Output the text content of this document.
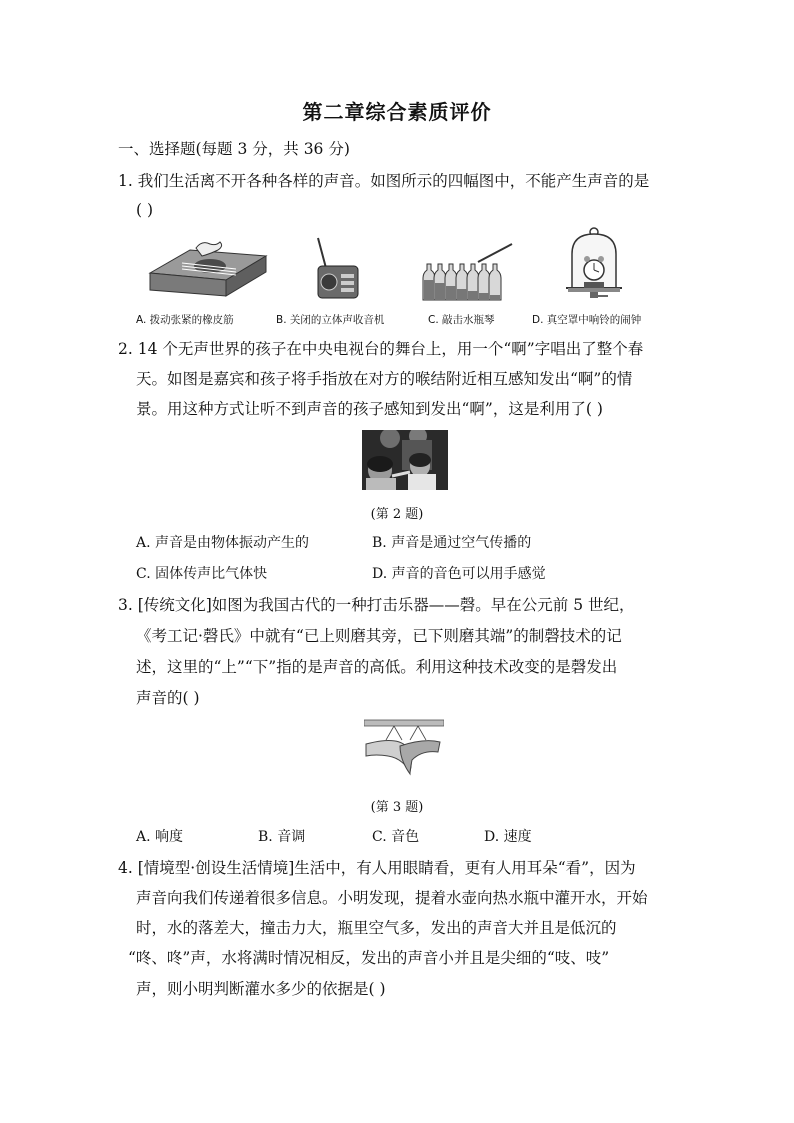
第二章综合素质评价
一、选择题(每题 3 分，共 36 分)
1. 我们生活离不开各种各样的声音。如图所示的四幅图中，不能产生声音的是
( )
A. 拨动张紧的橡皮筋	B. 关闭的立体声收音机	C. 敲击水瓶琴	D. 真空罩中响铃的闹钟
2. 14 个无声世界的孩子在中央电视台的舞台上，用一个“啊”字唱出了整个春
天。如图是嘉宾和孩子将手指放在对方的喉结附近相互感知发出“啊”的情
景。用这种方式让听不到声音的孩子感知到发出“啊”，这是利用了( )
(第 2 题)
A. 声音是由物体振动产生的	B. 声音是通过空气传播的
C. 固体传声比气体快	D. 声音的音色可以用手感觉
3. [传统文化]如图为我国古代的一种打击乐器——磬。早在公元前 5 世纪，
《考工记·磬氏》中就有“已上则磨其旁，已下则磨其端”的制磬技术的记
述，这里的“上”“下”指的是声音的高低。利用这种技术改变的是磬发出
声音的( )
(第 3 题)
A. 响度	B. 音调	C. 音色	D. 速度
4. [情境型·创设生活情境]生活中，有人用眼睛看，更有人用耳朵“看”，因为
声音向我们传递着很多信息。小明发现，提着水壶向热水瓶中灌开水，开始
时，水的落差大，撞击力大，瓶里空气多，发出的声音大并且是低沉的
“咚、咚”声，水将满时情况相反，发出的声音小并且是尖细的“吱、吱”
声，则小明判断灌水多少的依据是( )
